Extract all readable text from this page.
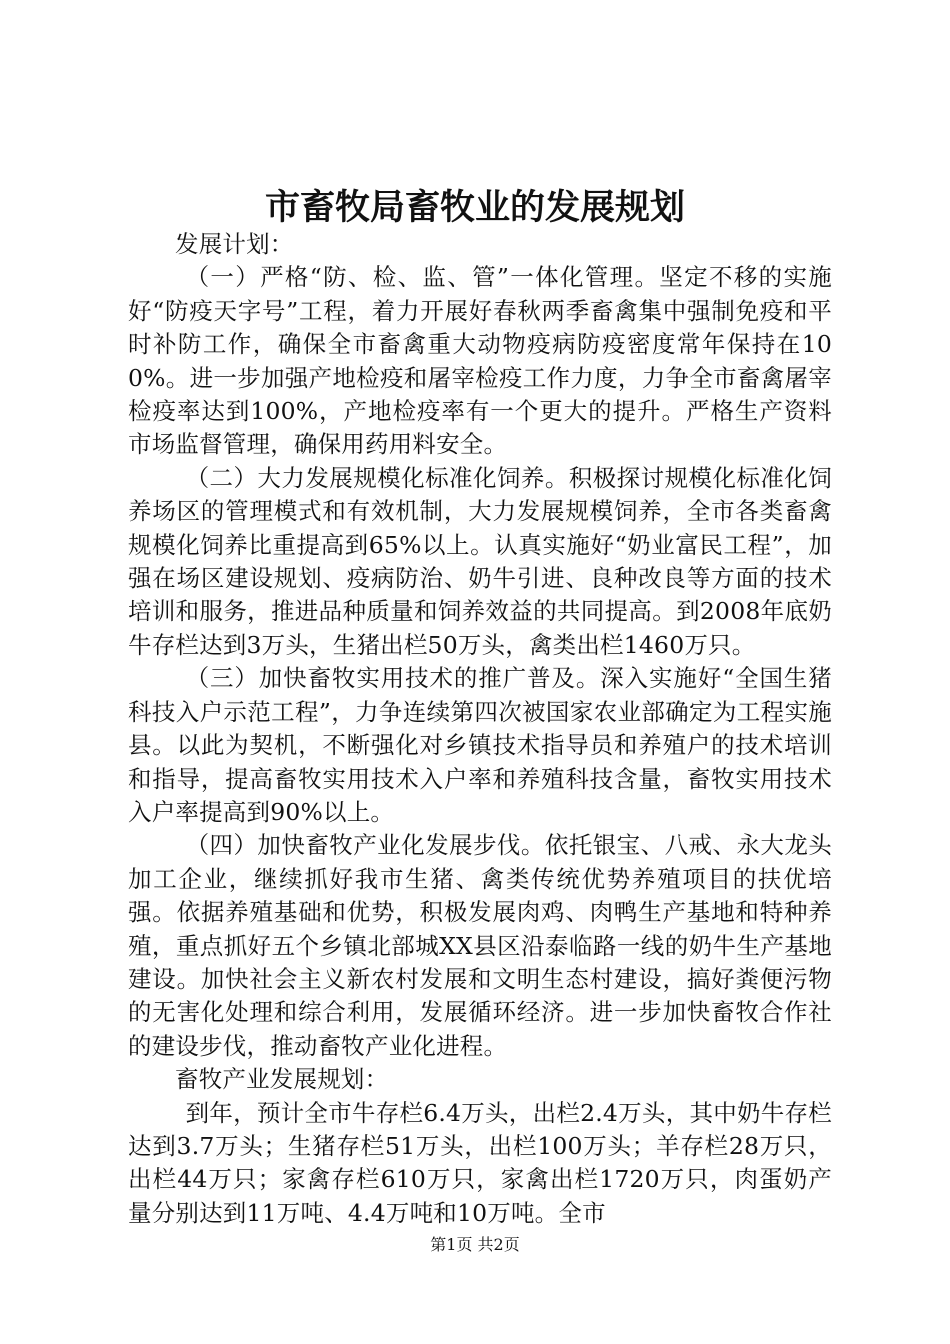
市畜牧局畜牧业的发展规划

发展计划：

（一）严格“防、检、监、管”一体化管理。坚定不移的实施好“防疫天字号”工程，着力开展好春秋两季畜禽集中强制免疫和平时补防工作，确保全市畜禽重大动物疫病防疫密度常年保持在100%。进一步加强产地检疫和屠宰检疫工作力度，力争全市畜禽屠宰检疫率达到100%，产地检疫率有一个更大的提升。严格生产资料市场监督管理，确保用药用料安全。

（二）大力发展规模化标准化饲养。积极探讨规模化标准化饲养场区的管理模式和有效机制，大力发展规模饲养，全市各类畜禽规模化饲养比重提高到65%以上。认真实施好“奶业富民工程”，加强在场区建设规划、疫病防治、奶牛引进、良种改良等方面的技术培训和服务，推进品种质量和饲养效益的共同提高。到2008年底奶牛存栏达到3万头，生猪出栏50万头，禽类出栏1460万只。

（三）加快畜牧实用技术的推广普及。深入实施好“全国生猪科技入户示范工程”，力争连续第四次被国家农业部确定为工程实施县。以此为契机，不断强化对乡镇技术指导员和养殖户的技术培训和指导，提高畜牧实用技术入户率和养殖科技含量，畜牧实用技术入户率提高到90%以上。

（四）加快畜牧产业化发展步伐。依托银宝、八戒、永大龙头加工企业，继续抓好我市生猪、禽类传统优势养殖项目的扶优培强。依据养殖基础和优势，积极发展肉鸡、肉鸭生产基地和特种养殖，重点抓好五个乡镇北部城XX县区沿泰临路一线的奶牛生产基地建设。加快社会主义新农村发展和文明生态村建设，搞好粪便污物的无害化处理和综合利用，发展循环经济。进一步加快畜牧合作社的建设步伐，推动畜牧产业化进程。

畜牧产业发展规划：

到年，预计全市牛存栏6.4万头，出栏2.4万头，其中奶牛存栏达到3.7万头；生猪存栏51万头，出栏100万头；羊存栏28万只，出栏44万只；家禽存栏610万只，家禽出栏1720万只，肉蛋奶产量分别达到11万吨、4.4万吨和10万吨。全市

第1页 共2页
